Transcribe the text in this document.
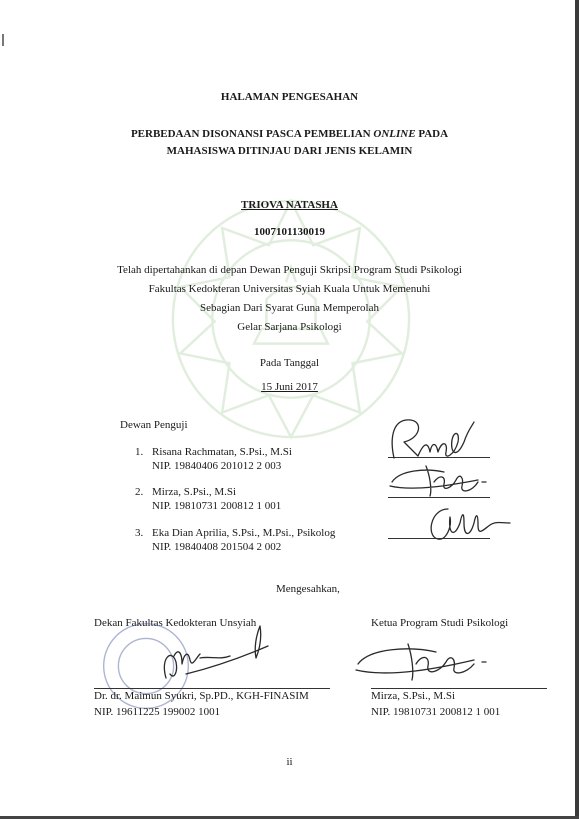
HALAMAN PENGESAHAN
PERBEDAAN DISONANSI PASCA PEMBELIAN ONLINE PADA
MAHASISWA DITINJAU DARI JENIS KELAMIN
TRIOVA NATASHA
1007101130019
Telah dipertahankan di depan Dewan Penguji Skripsi Program Studi Psikologi
Fakultas Kedokteran Universitas Syiah Kuala Untuk Memenuhi
Sebagian Dari Syarat Guna Memperolah
Gelar Sarjana Psikologi
Pada Tanggal
15 Juni 2017
Dewan Penguji
1. Risana Rachmatan, S.Psi., M.Si
NIP. 19840406 201012 2 003
2. Mirza, S.Psi., M.Si
NIP. 19810731 200812 1 001
3. Eka Dian Aprilia, S.Psi., M.Psi., Psikolog
NIP. 19840408 201504 2 002
Mengesahkan,
Dekan Fakultas Kedokteran Unsyiah
Dr. dr. Maimun Syukri, Sp.PD., KGH-FINASIM
NIP. 19611225 199002 1001
Ketua Program Studi Psikologi
Mirza, S.Psi., M.Si
NIP. 19810731 200812 1 001
ii
